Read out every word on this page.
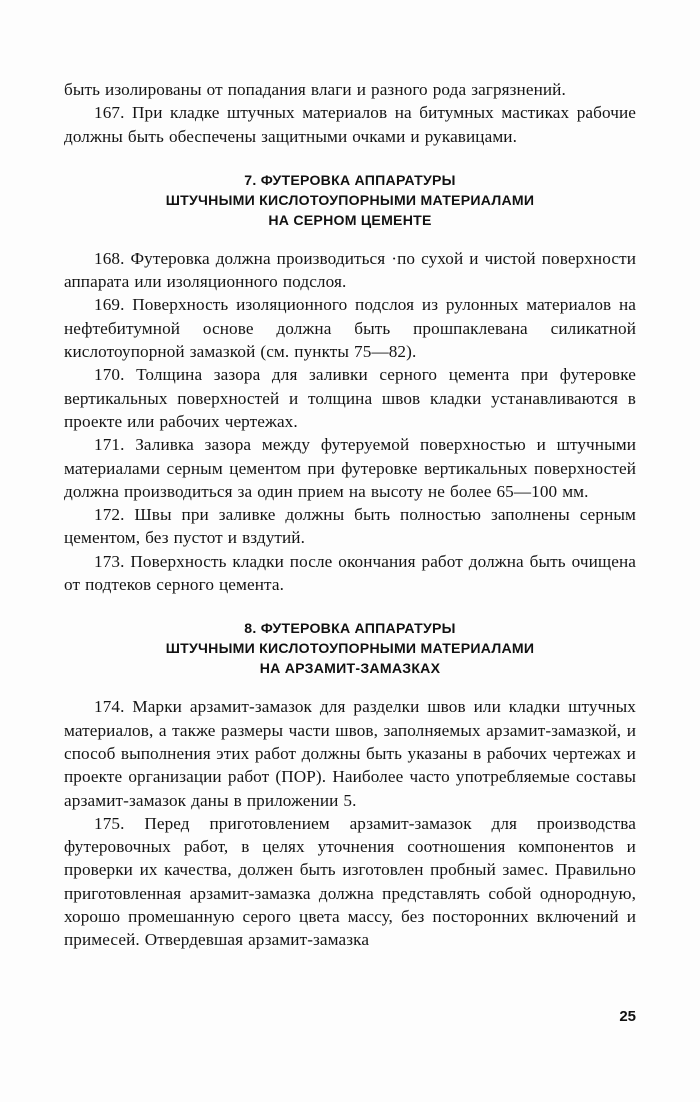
быть изолированы от попадания влаги и разного рода загрязнений.

167. При кладке штучных материалов на битумных мастиках рабочие должны быть обеспечены защитными очками и рукавицами.

7. ФУТЕРОВКА АППАРАТУРЫ
ШТУЧНЫМИ КИСЛОТОУПОРНЫМИ МАТЕРИАЛАМИ
НА СЕРНОМ ЦЕМЕНТЕ

168. Футеровка должна производиться ·по сухой и чистой поверхности аппарата или изоляционного подслоя.

169. Поверхность изоляционного подслоя из рулонных материалов на нефтебитумной основе должна быть прошпаклевана силикатной кислотоупорной замазкой (см. пункты 75—82).

170. Толщина зазора для заливки серного цемента при футеровке вертикальных поверхностей и толщина швов кладки устанавливаются в проекте или рабочих чертежах.

171. Заливка зазора между футеруемой поверхностью и штучными материалами серным цементом при футеровке вертикальных поверхностей должна производиться за один прием на высоту не более 65—100 мм.

172. Швы при заливке должны быть полностью заполнены серным цементом, без пустот и вздутий.

173. Поверхность кладки после окончания работ должна быть очищена от подтеков серного цемента.

8. ФУТЕРОВКА АППАРАТУРЫ
ШТУЧНЫМИ КИСЛОТОУПОРНЫМИ МАТЕРИАЛАМИ
НА АРЗАМИТ-ЗАМАЗКАХ

174. Марки арзамит-замазок для разделки швов или кладки штучных материалов, а также размеры части швов, заполняемых арзамит-замазкой, и способ выполнения этих работ должны быть указаны в рабочих чертежах и проекте организации работ (ПОР). Наиболее часто употребляемые составы арзамит-замазок даны в приложении 5.

175. Перед приготовлением арзамит-замазок для производства футеровочных работ, в целях уточнения соотношения компонентов и проверки их качества, должен быть изготовлен пробный замес. Правильно приготовленная арзамит-замазка должна представлять собой однородную, хорошо промешанную серого цвета массу, без посторонних включений и примесей. Отвердевшая арзамит-замазка

25
